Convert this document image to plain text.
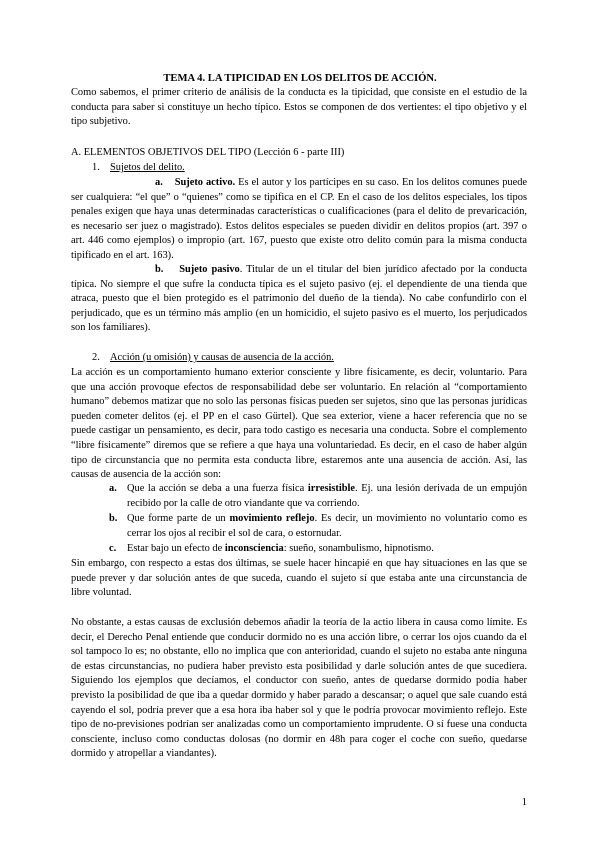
TEMA 4. LA TIPICIDAD EN LOS DELITOS DE ACCIÓN.
Como sabemos, el primer criterio de análisis de la conducta es la tipicidad, que consiste en el estudio de la conducta para saber si constituye un hecho típico. Estos se componen de dos vertientes: el tipo objetivo y el tipo subjetivo.
A. ELEMENTOS OBJETIVOS DEL TIPO (Lección 6 - parte III)
1. Sujetos del delito.
a. Sujeto activo. Es el autor y los partícipes en su caso. En los delitos comunes puede ser cualquiera: “el que” o “quienes” como se tipifica en el CP. En el caso de los delitos especiales, los tipos penales exigen que haya unas determinadas características o cualificaciones (para el delito de prevaricación, es necesario ser juez o magistrado). Estos delitos especiales se pueden dividir en delitos propios (art. 397 o art. 446 como ejemplos) o impropio (art. 167, puesto que existe otro delito común para la misma conducta tipificado en el art. 163).
b. Sujeto pasivo. Titular de un el titular del bien jurídico afectado por la conducta típica. No siempre el que sufre la conducta típica es el sujeto pasivo (ej. el dependiente de una tienda que atraca, puesto que el bien protegido es el patrimonio del dueño de la tienda). No cabe confundirlo con el perjudicado, que es un término más amplio (en un homicidio, el sujeto pasivo es el muerto, los perjudicados son los familiares).
2. Acción (u omisión) y causas de ausencia de la acción.
La acción es un comportamiento humano exterior consciente y libre físicamente, es decir, voluntario. Para que una acción provoque efectos de responsabilidad debe ser voluntario. En relación al “comportamiento humano” debemos matizar que no solo las personas físicas pueden ser sujetos, sino que las personas jurídicas pueden cometer delitos (ej. el PP en el caso Gürtel). Que sea exterior, viene a hacer referencia que no se puede castigar un pensamiento, es decir, para todo castigo es necesaria una conducta. Sobre el complemento “libre físicamente” diremos que se refiere a que haya una voluntariedad. Es decir, en el caso de haber algún tipo de circunstancia que no permita esta conducta libre, estaremos ante una ausencia de acción. Así, las causas de ausencia de la acción son:
a. Que la acción se deba a una fuerza física irresistible. Ej. una lesión derivada de un empujón recibido por la calle de otro viandante que va corriendo.
b. Que forme parte de un movimiento reflejo. Es decir, un movimiento no voluntario como es cerrar los ojos al recibir el sol de cara, o estornudar.
c. Estar bajo un efecto de inconsciencia: sueño, sonambulismo, hipnotismo.
Sin embargo, con respecto a estas dos últimas, se suele hacer hincapié en que hay situaciones en las que se puede prever y dar solución antes de que suceda, cuando el sujeto sí que estaba ante una circunstancia de libre voluntad.
No obstante, a estas causas de exclusión debemos añadir la teoría de la actio libera in causa como límite. Es decir, el Derecho Penal entiende que conducir dormido no es una acción libre, o cerrar los ojos cuando da el sol tampoco lo es; no obstante, ello no implica que con anterioridad, cuando el sujeto no estaba ante ninguna de estas circunstancias, no pudiera haber previsto esta posibilidad y darle solución antes de que sucediera. Siguiendo los ejemplos que decíamos, el conductor con sueño, antes de quedarse dormido podía haber previsto la posibilidad de que iba a quedar dormido y haber parado a descansar; o aquel que sale cuando está cayendo el sol, podría prever que a esa hora iba haber sol y que le podría provocar movimiento reflejo. Este tipo de no-previsiones podrían ser analizadas como un comportamiento imprudente. O sí fuese una conducta consciente, incluso como conductas dolosas (no dormir en 48h para coger el coche con sueño, quedarse dormido y atropellar a viandantes).
1
